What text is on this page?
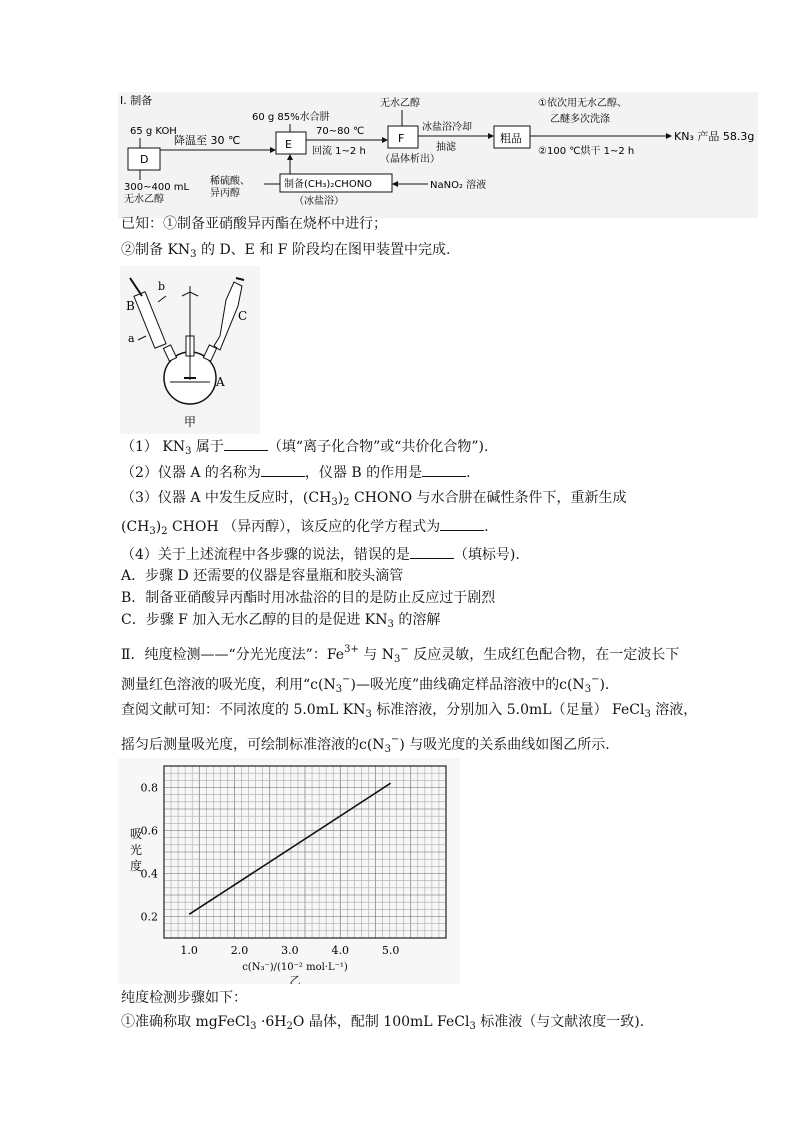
Ⅰ. 制备
65 g KOH
D
300~400 mL
无水乙醇
降温至 30 ℃
60 g 85%水合肼
E
70~80 ℃
回流 1~2 h
无水乙醇
F
（晶体析出）
冰盐浴冷却
抽滤
粗品
①依次用无水乙醇、
乙醚多次洗涤
②100 ℃烘干 1~2 h
KN₃ 产品 58.3g
稀硫酸、
异丙醇
制备(CH₃)₂CHONO
（冰盐浴）
NaNO₂ 溶液
已知：①制备亚硝酸异丙酯在烧杯中进行；
②制备 $KN_3$ 的 D、E 和 F 阶段均在图甲装置中完成.
b
B
a
C
A
甲
（1） $KN_3$ 属于	（填“离子化合物”或“共价化合物”).
（2）仪器 A 的名称为	，仪器 B 的作用是	.
（3）仪器 A 中发生反应时，$(CH_3)_2$ CHONO 与水合肼在碱性条件下，重新生成
$(CH_3)_2$ CHOH （异丙醇），该反应的化学方程式为	.
（4）关于上述流程中各步骤的说法，错误的是	（填标号).
A．步骤 D 还需要的仪器是容量瓶和胶头滴管
B．制备亚硝酸异丙酯时用冰盐浴的目的是防止反应过于剧烈
C．步骤 F 加入无水乙醇的目的是促进 $KN_3$ 的溶解
Ⅱ．纯度检测——“分光光度法”：$Fe^{3+}$ 与 $N_3^-$ 反应灵敏，生成红色配合物，在一定波长下
测量红色溶液的吸光度，利用“$c(N_3^-)—$吸光度”曲线确定样品溶液中的$c(N_3^-)$.
查阅文献可知：不同浓度的 5.0mL $KN_3$ 标准溶液，分别加入 5.0mL（足量） FeCl$_3$ 溶液，
摇匀后测量吸光度，可绘制标准溶液的$c(N_3^-)$ 与吸光度的关系曲线如图乙所示.
0.2
0.4
0.6
0.8
1.0	2.0	3.0	4.0	5.0
吸
光
度
c(N₃⁻)/(10⁻² mol·L⁻¹)
乙
纯度检测步骤如下：
①准确称取 mgFeCl$_3$ $\cdot 6H_2O$ 晶体，配制 100mL FeCl$_3$ 标准液（与文献浓度一致).
